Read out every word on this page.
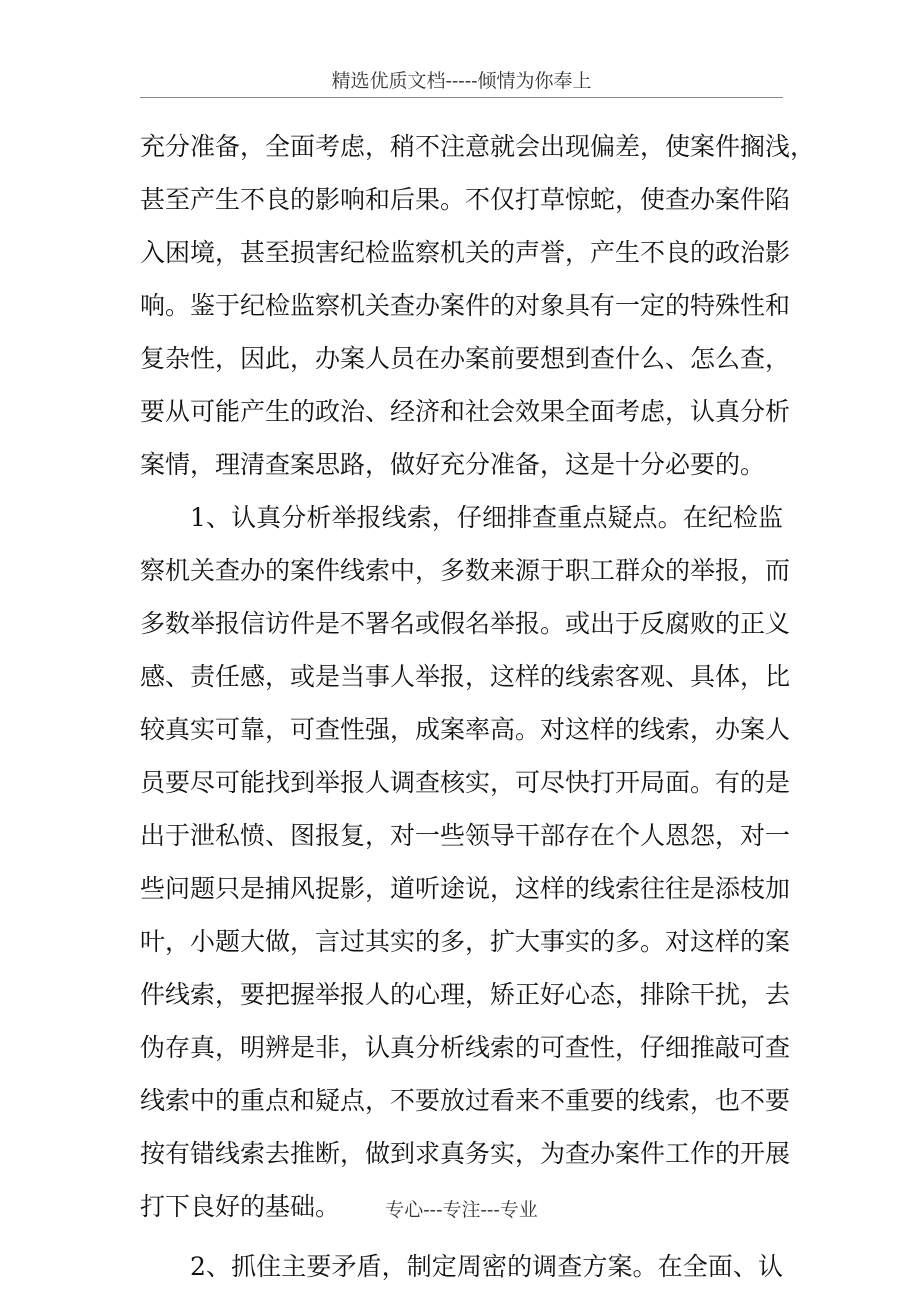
精选优质文档-----倾情为你奉上
充分准备，全面考虑，稍不注意就会出现偏差，使案件搁浅，
甚至产生不良的影响和后果。不仅打草惊蛇，使查办案件陷
入困境，甚至损害纪检监察机关的声誉，产生不良的政治影
响。鉴于纪检监察机关查办案件的对象具有一定的特殊性和
复杂性，因此，办案人员在办案前要想到查什么、怎么查，
要从可能产生的政治、经济和社会效果全面考虑，认真分析
案情，理清查案思路，做好充分准备，这是十分必要的。
1、认真分析举报线索，仔细排查重点疑点。在纪检监
察机关查办的案件线索中，多数来源于职工群众的举报，而
多数举报信访件是不署名或假名举报。或出于反腐败的正义
感、责任感，或是当事人举报，这样的线索客观、具体，比
较真实可靠，可查性强，成案率高。对这样的线索，办案人
员要尽可能找到举报人调查核实，可尽快打开局面。有的是
出于泄私愤、图报复，对一些领导干部存在个人恩怨，对一
些问题只是捕风捉影，道听途说，这样的线索往往是添枝加
叶，小题大做，言过其实的多，扩大事实的多。对这样的案
件线索，要把握举报人的心理，矫正好心态，排除干扰，去
伪存真，明辨是非，认真分析线索的可查性，仔细推敲可查
线索中的重点和疑点，不要放过看来不重要的线索，也不要
按有错线索去推断，做到求真务实，为查办案件工作的开展
打下良好的基础。
2、抓住主要矛盾，制定周密的调查方案。在全面、认
专心---专注---专业
